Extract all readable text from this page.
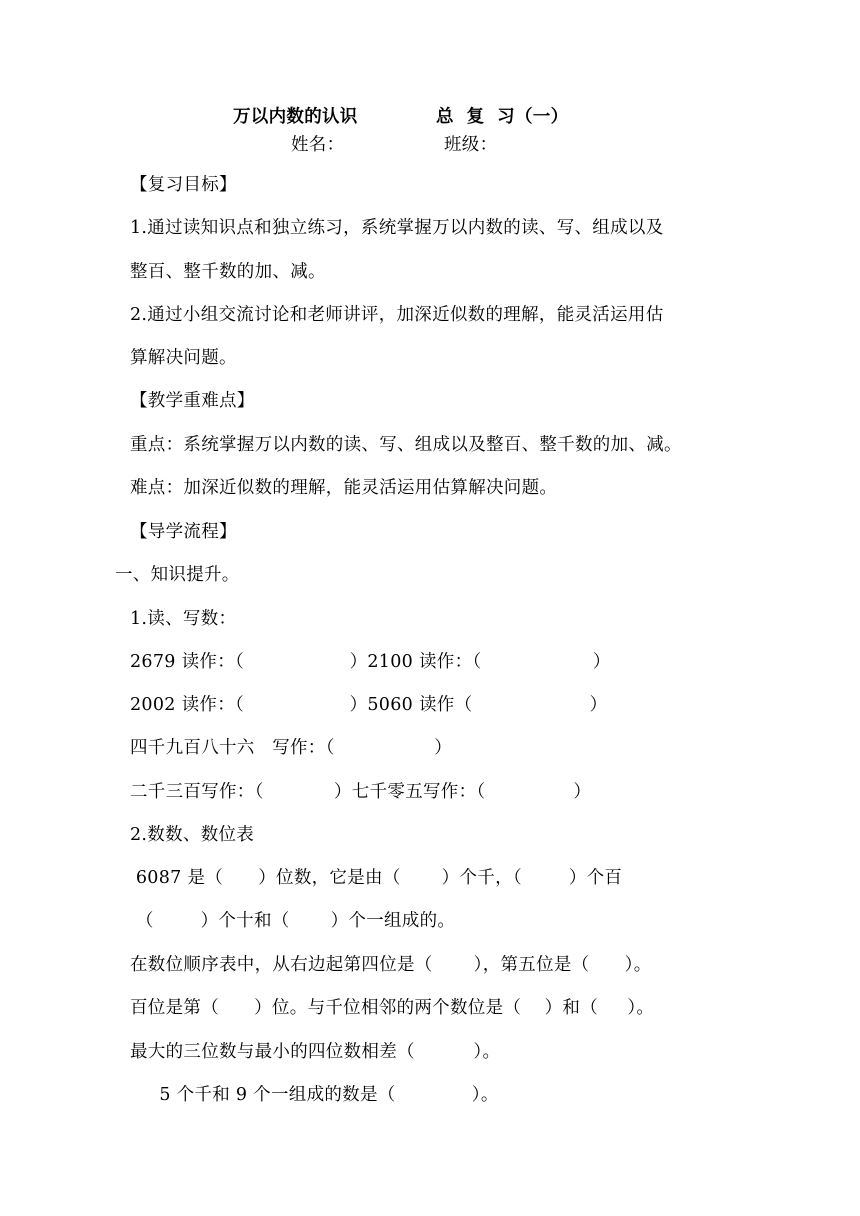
万以内数的认识	总  复  习（一）
姓名：	班级：
【复习目标】
1.通过读知识点和独立练习，系统掌握万以内数的读、写、组成以及
整百、整千数的加、减。
2.通过小组交流讨论和老师讲评，加深近似数的理解，能灵活运用估
算解决问题。
【教学重难点】
重点：系统掌握万以内数的读、写、组成以及整百、整千数的加、减。
难点：加深近似数的理解，能灵活运用估算解决问题。
【导学流程】
一、知识提升。
1.读、写数：
2679 读作：（                  ）2100 读作：（                   ）
2002 读作：（                  ）5060 读作（                    ）
四千九百八十六   写作：（                 ）
二千三百写作：（            ）七千零五写作：（               ）
2.数数、数位表
6087 是（      ）位数，它是由（       ）个千，（        ）个百
（        ）个十和（       ）个一组成的。
在数位顺序表中，从右边起第四位是（       ），第五位是（      ）。
百位是第（      ）位。与千位相邻的两个数位是（    ）和（     ）。
最大的三位数与最小的四位数相差（          ）。
5 个千和 9 个一组成的数是（             ）。
